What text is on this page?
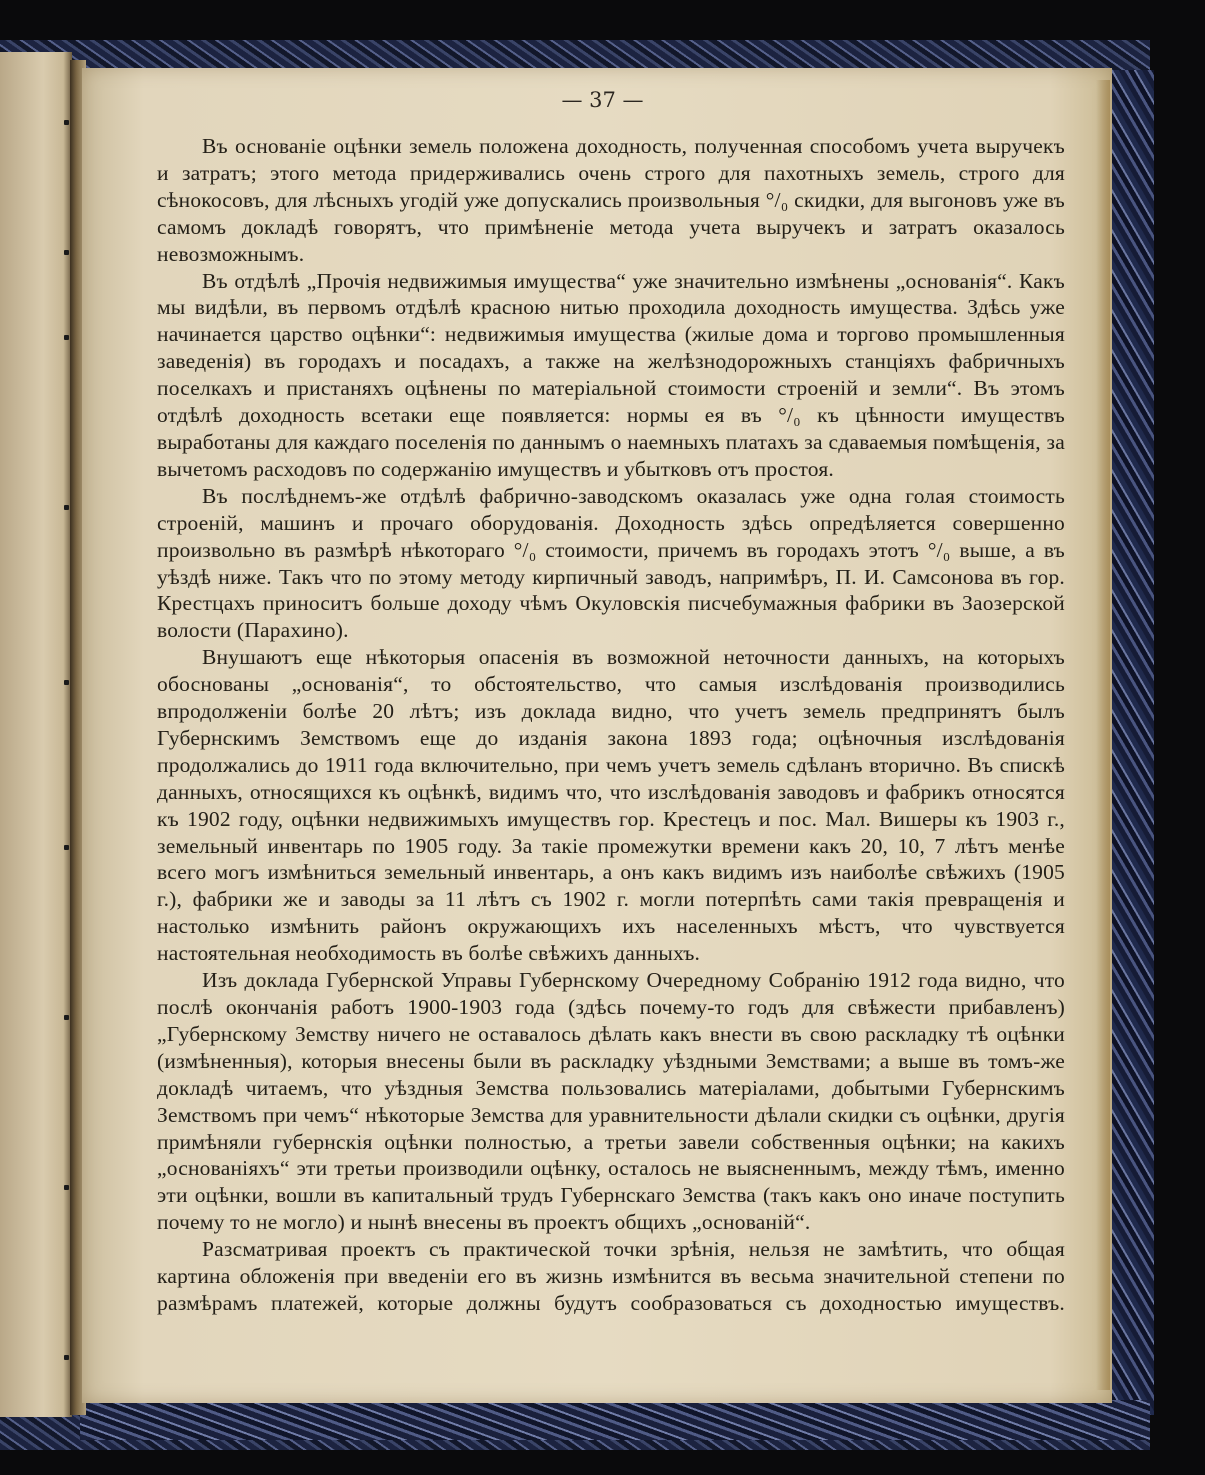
— 37 —

Въ основаніе оцѣнки земель положена доходность, полученная способомъ учета выручекъ и затратъ; этого метода придерживались очень строго для пахотныхъ земель, строго для сѣнокосовъ, для лѣсныхъ угодій уже допускались произвольныя °/₀ скидки, для выгоновъ уже въ самомъ докладѣ говорятъ, что примѣненіе метода учета выручекъ и затратъ оказалось невозможнымъ.

Въ отдѣлѣ „Прочія недвижимыя имущества“ уже значительно измѣнены „основанія“. Какъ мы видѣли, въ первомъ отдѣлѣ красною нитью проходила доходность имущества. Здѣсь уже начинается царство оцѣнки“: недвижимыя имущества (жилые дома и торгово промышленныя заведенія) въ городахъ и посадахъ, а также на желѣзнодорожныхъ станціяхъ фабричныхъ поселкахъ и пристаняхъ оцѣнены по матеріальной стоимости строеній и земли“. Въ этомъ отдѣлѣ доходность всетаки еще появляется: нормы ея въ °/₀ къ цѣнности имуществъ выработаны для каждаго поселенія по даннымъ о наемныхъ платахъ за сдаваемыя помѣщенія, за вычетомъ расходовъ по содержанію имуществъ и убытковъ отъ простоя.

Въ послѣднемъ-же отдѣлѣ фабрично-заводскомъ оказалась уже одна голая стоимость строеній, машинъ и прочаго оборудованія. Доходность здѣсь опредѣляется совершенно произвольно въ размѣрѣ нѣкотораго °/₀ стоимости, причемъ въ городахъ этотъ °/₀ выше, а въ уѣздѣ ниже. Такъ что по этому методу кирпичный заводъ, напримѣръ, П. И. Самсонова въ гор. Крестцахъ приноситъ больше доходу чѣмъ Окуловскія писчебумажныя фабрики въ Заозерской волости (Парахино).

Внушаютъ еще нѣкоторыя опасенія въ возможной неточности данныхъ, на которыхъ обоснованы „основанія“, то обстоятельство, что самыя изслѣдованія производились впродолженіи болѣе 20 лѣтъ; изъ доклада видно, что учетъ земель предпринятъ былъ Губернскимъ Земствомъ еще до изданія закона 1893 года; оцѣночныя изслѣдованія продолжались до 1911 года включительно, при чемъ учетъ земель сдѣланъ вторично. Въ спискѣ данныхъ, относящихся къ оцѣнкѣ, видимъ что, что изслѣдованія заводовъ и фабрикъ относятся къ 1902 году, оцѣнки недвижимыхъ имуществъ гор. Крестецъ и пос. Мал. Вишеры къ 1903 г., земельный инвентарь по 1905 году. За такіе промежутки времени какъ 20, 10, 7 лѣтъ менѣе всего могъ измѣниться земельный инвентарь, а онъ какъ видимъ изъ наиболѣе свѣжихъ (1905 г.), фабрики же и заводы за 11 лѣтъ съ 1902 г. могли потерпѣть сами такія превращенія и настолько измѣнить районъ окружающихъ ихъ населенныхъ мѣстъ, что чувствуется настоятельная необходимость въ болѣе свѣжихъ данныхъ.

Изъ доклада Губернской Управы Губернскому Очередному Собранію 1912 года видно, что послѣ окончанія работъ 1900-1903 года (здѣсь почему-то годъ для свѣжести прибавленъ) „Губернскому Земству ничего не оставалось дѣлать какъ внести въ свою раскладку тѣ оцѣнки (измѣненныя), которыя внесены были въ раскладку уѣздными Земствами; а выше въ томъ-же докладѣ читаемъ, что уѣздныя Земства пользовались матеріалами, добытыми Губернскимъ Земствомъ при чемъ“ нѣкоторые Земства для уравнительности дѣлали скидки съ оцѣнки, другія примѣняли губернскія оцѣнки полностью, а третьи завели собственныя оцѣнки; на какихъ „основаніяхъ“ эти третьи производили оцѣнку, осталось не выясненнымъ, между тѣмъ, именно эти оцѣнки, вошли въ капитальный трудъ Губернскаго Земства (такъ какъ оно иначе поступить почему то не могло) и нынѣ внесены въ проектъ общихъ „основаній“.

Разсматривая проектъ съ практической точки зрѣнія, нельзя не замѣтить, что общая картина обложенія при введеніи его въ жизнь измѣнится въ весьма значительной степени по размѣрамъ платежей, которые должны будутъ сообразоваться съ доходностью имуществъ.
